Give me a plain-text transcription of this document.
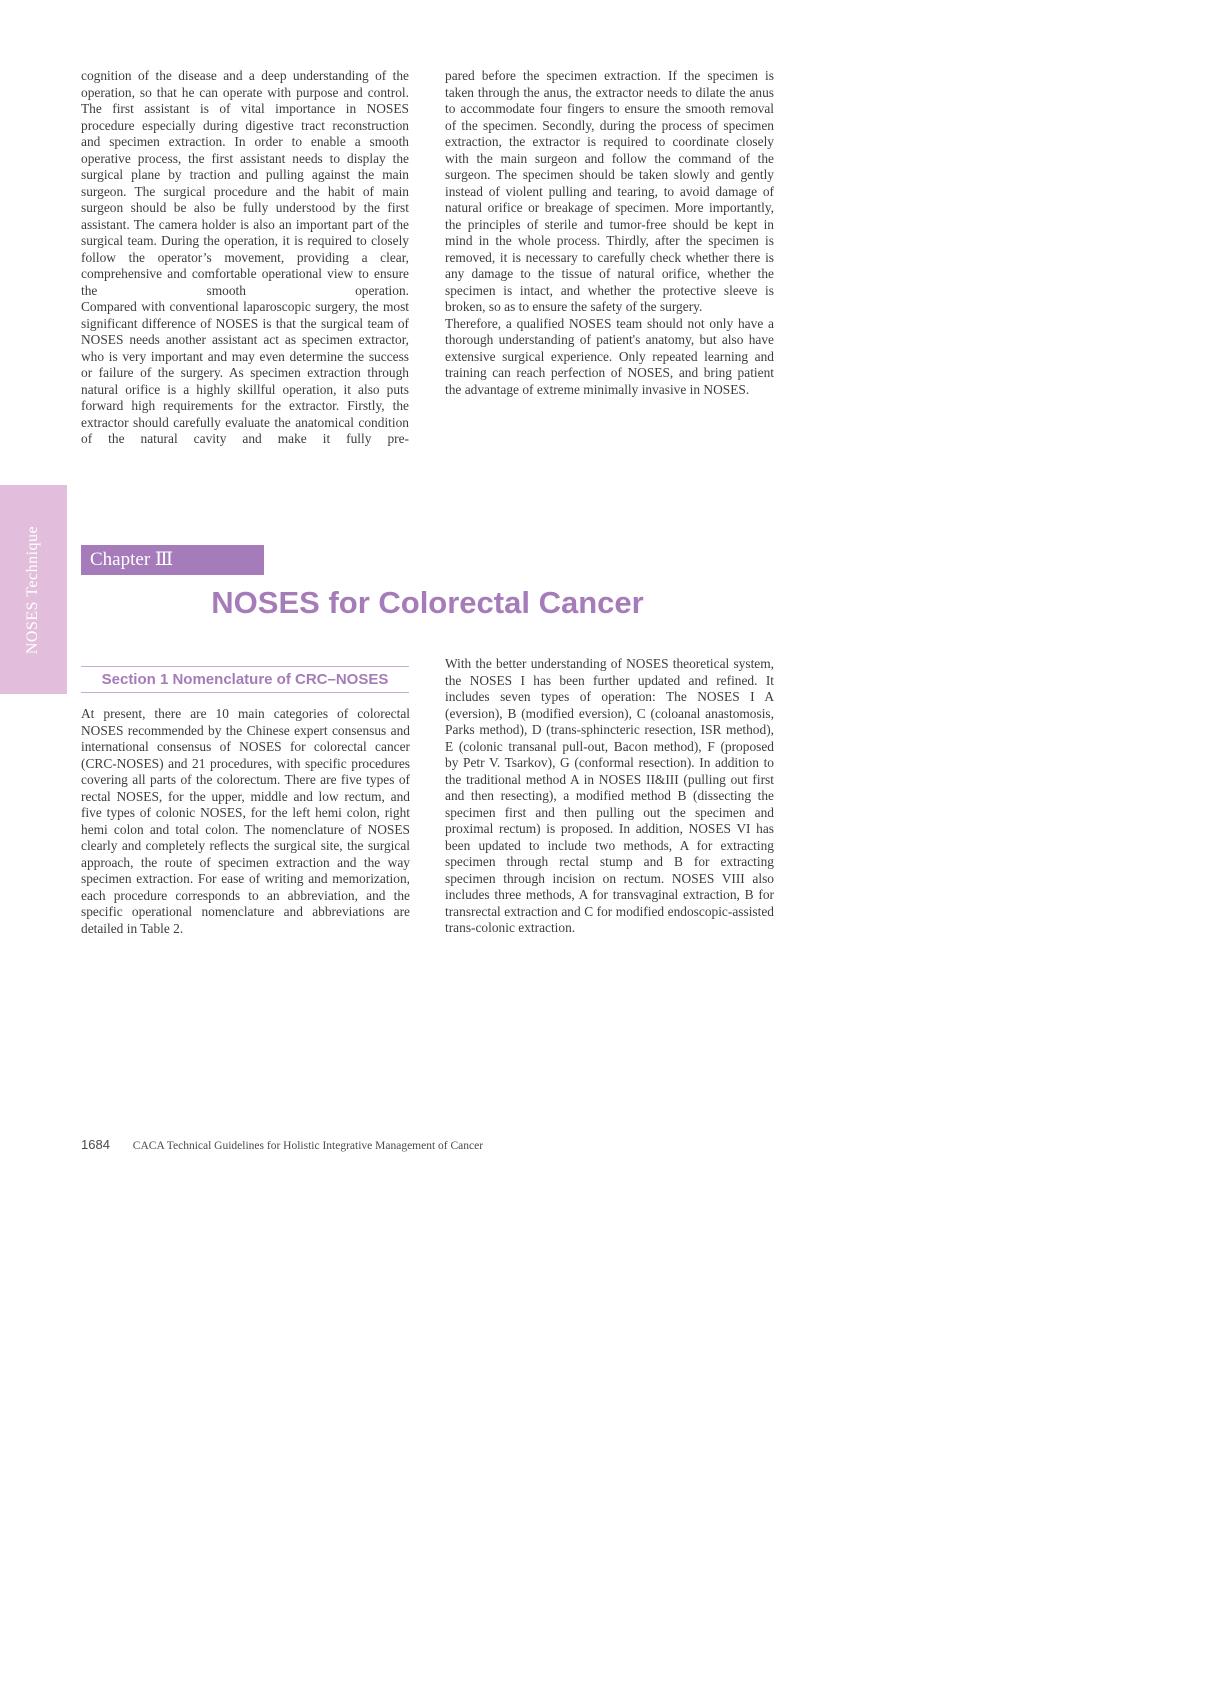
NOSES Technique

cognition of the disease and a deep understanding of the operation, so that he can operate with purpose and control. The first assistant is of vital importance in NOSES procedure especially during digestive tract reconstruction and specimen extraction. In order to enable a smooth operative process, the first assistant needs to display the surgical plane by traction and pulling against the main surgeon. The surgical procedure and the habit of main surgeon should be also be fully understood by the first assistant. The camera holder is also an important part of the surgical team. During the operation, it is required to closely follow the operator’s movement, providing a clear, comprehensive and comfortable operational view to ensure the smooth operation.

Compared with conventional laparoscopic surgery, the most significant difference of NOSES is that the surgical team of NOSES needs another assistant act as specimen extractor, who is very important and may even determine the success or failure of the surgery. As specimen extraction through natural orifice is a highly skillful operation, it also puts forward high requirements for the extractor. Firstly, the extractor should carefully evaluate the anatomical condition of the natural cavity and make it fully pre-

pared before the specimen extraction. If the specimen is taken through the anus, the extractor needs to dilate the anus to accommodate four fingers to ensure the smooth removal of the specimen. Secondly, during the process of specimen extraction, the extractor is required to coordinate closely with the main surgeon and follow the command of the surgeon. The specimen should be taken slowly and gently instead of violent pulling and tearing, to avoid damage of natural orifice or breakage of specimen. More importantly, the principles of sterile and tumor-free should be kept in mind in the whole process. Thirdly, after the specimen is removed, it is necessary to carefully check whether there is any damage to the tissue of natural orifice, whether the specimen is intact, and whether the protective sleeve is broken, so as to ensure the safety of the surgery.

Therefore, a qualified NOSES team should not only have a thorough understanding of patient's anatomy, but also have extensive surgical experience. Only repeated learning and training can reach perfection of NOSES, and bring patient the advantage of extreme minimally invasive in NOSES.

Chapter Ⅲ
NOSES for Colorectal Cancer
Section 1 Nomenclature of CRC–NOSES

At present, there are 10 main categories of colorectal NOSES recommended by the Chinese expert consensus and international consensus of NOSES for colorectal cancer (CRC-NOSES) and 21 procedures, with specific procedures covering all parts of the colorectum. There are five types of rectal NOSES, for the upper, middle and low rectum, and five types of colonic NOSES, for the left hemi colon, right hemi colon and total colon. The nomenclature of NOSES clearly and completely reflects the surgical site, the surgical approach, the route of specimen extraction and the way specimen extraction. For ease of writing and memorization, each procedure corresponds to an abbreviation, and the specific operational nomenclature and abbreviations are detailed in Table 2.

With the better understanding of NOSES theoretical system, the NOSES I has been further updated and refined. It includes seven types of operation: The NOSES I A (eversion), B (modified eversion), C (coloanal anastomosis, Parks method), D (trans-sphincteric resection, ISR method), E (colonic transanal pull-out, Bacon method), F (proposed by Petr V. Tsarkov), G (conformal resection). In addition to the traditional method A in NOSES II&III (pulling out first and then resecting), a modified method B (dissecting the specimen first and then pulling out the specimen and proximal rectum) is proposed. In addition, NOSES VI has been updated to include two methods, A for extracting specimen through rectal stump and B for extracting specimen through incision on rectum. NOSES VIII also includes three methods, A for transvaginal extraction, B for transrectal extraction and C for modified endoscopic-assisted trans-colonic extraction.

1684 CACA Technical Guidelines for Holistic Integrative Management of Cancer
